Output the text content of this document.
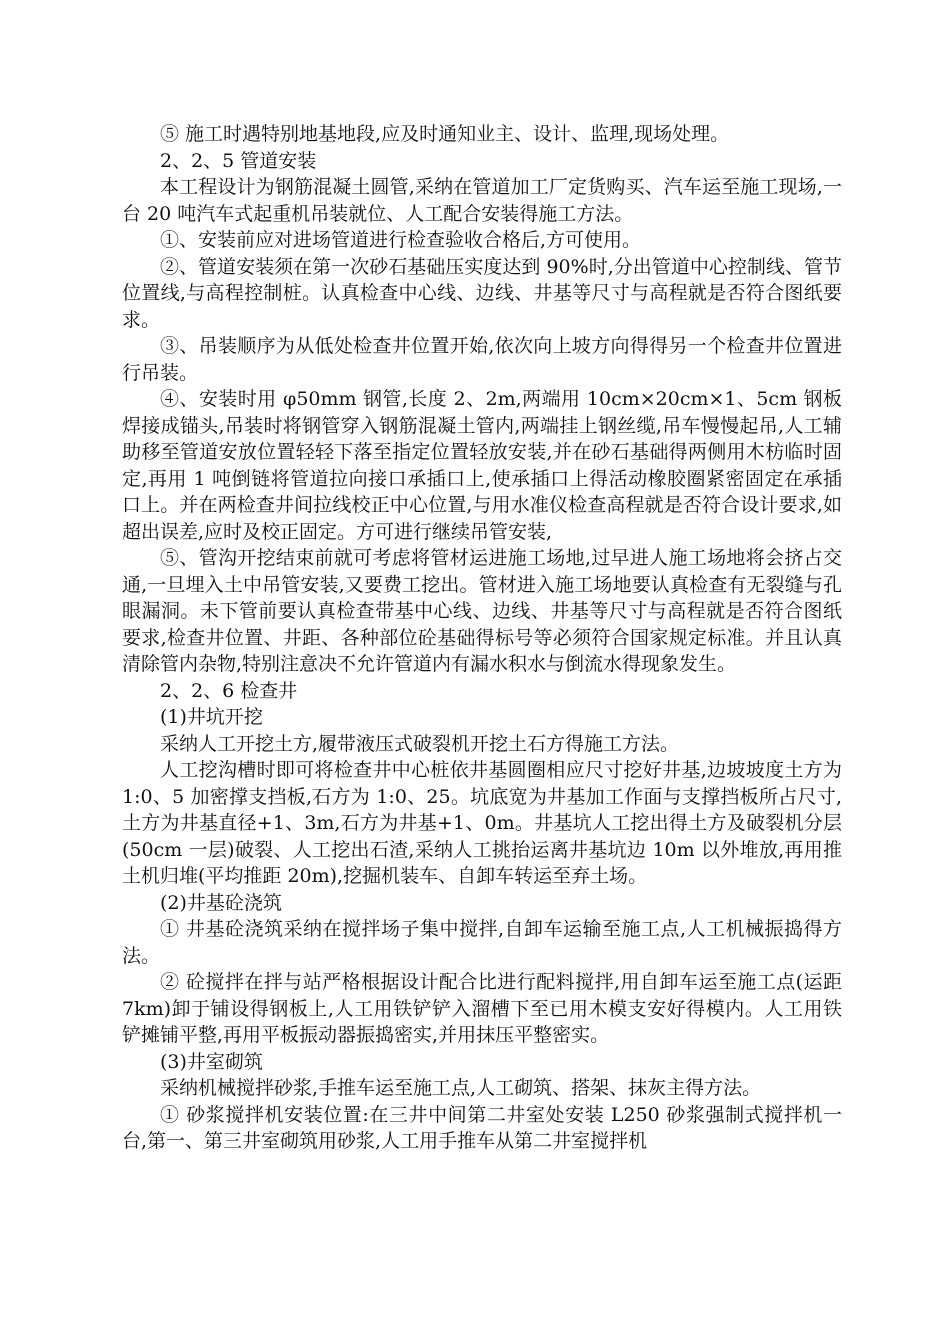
⑤ 施工时遇特别地基地段,应及时通知业主、设计、监理,现场处理。

2、2、5 管道安装

本工程设计为钢筋混凝土圆管,采纳在管道加工厂定货购买、汽车运至施工现场,一台 20 吨汽车式起重机吊装就位、人工配合安装得施工方法。

①、安装前应对进场管道进行检查验收合格后,方可使用。

②、管道安装须在第一次砂石基础压实度达到 90%时,分出管道中心控制线、管节位置线,与高程控制桩。认真检查中心线、边线、井基等尺寸与高程就是否符合图纸要求。

③、吊装顺序为从低处检查井位置开始,依次向上坡方向得得另一个检查井位置进行吊装。

④、安装时用 φ50mm 钢管,长度 2、2m,两端用 10cm×20cm×1、5cm 钢板焊接成锚头,吊装时将钢管穿入钢筋混凝土管内,两端挂上钢丝缆,吊车慢慢起吊,人工辅助移至管道安放位置轻轻下落至指定位置轻放安装,并在砂石基础得两侧用木枋临时固定,再用 1 吨倒链将管道拉向接口承插口上,使承插口上得活动橡胶圈紧密固定在承插口上。并在两检查井间拉线校正中心位置,与用水准仪检查高程就是否符合设计要求,如超出误差,应时及校正固定。方可进行继续吊管安装,

⑤、管沟开挖结束前就可考虑将管材运进施工场地,过早进人施工场地将会挤占交通,一旦埋入土中吊管安装,又要费工挖出。管材进入施工场地要认真检查有无裂缝与孔眼漏洞。未下管前要认真检查带基中心线、边线、井基等尺寸与高程就是否符合图纸要求,检查井位置、井距、各种部位砼基础得标号等必须符合国家规定标准。并且认真清除管内杂物,特别注意决不允许管道内有漏水积水与倒流水得现象发生。

2、2、6 检查井

(1)井坑开挖

采纳人工开挖土方,履带液压式破裂机开挖土石方得施工方法。

人工挖沟槽时即可将检查井中心桩依井基圆圈相应尺寸挖好井基,边坡坡度土方为 1:0、5 加密撑支挡板,石方为 1:0、25。坑底宽为井基加工作面与支撑挡板所占尺寸,土方为井基直径+1、3m,石方为井基+1、0m。井基坑人工挖出得土方及破裂机分层(50cm 一层)破裂、人工挖出石渣,采纳人工挑抬运离井基坑边 10m 以外堆放,再用推土机归堆(平均推距 20m),挖掘机装车、自卸车转运至弃土场。

(2)井基砼浇筑

① 井基砼浇筑采纳在搅拌场子集中搅拌,自卸车运输至施工点,人工机械振捣得方法。

② 砼搅拌在拌与站严格根据设计配合比进行配料搅拌,用自卸车运至施工点(运距 7km)卸于铺设得钢板上,人工用铁铲铲入溜槽下至已用木模支安好得模内。人工用铁铲摊铺平整,再用平板振动器振捣密实,并用抹压平整密实。

(3)井室砌筑

采纳机械搅拌砂浆,手推车运至施工点,人工砌筑、搭架、抹灰主得方法。

① 砂浆搅拌机安装位置:在三井中间第二井室处安装 L250 砂浆强制式搅拌机一台,第一、第三井室砌筑用砂浆,人工用手推车从第二井室搅拌机
